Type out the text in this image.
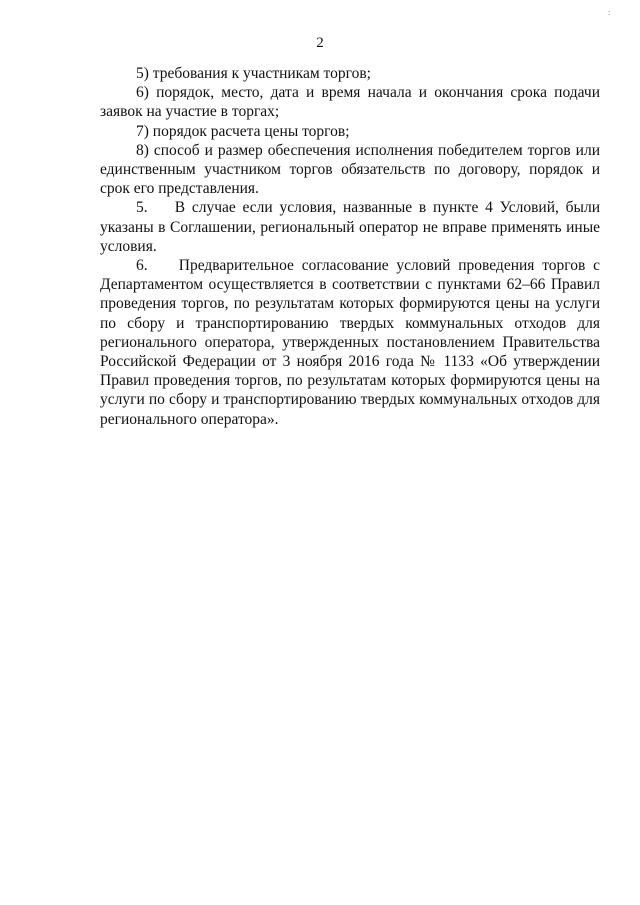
:
2

5) требования к участникам торгов;

6) порядок, место, дата и время начала и окончания срока подачи заявок на участие в торгах;

7) порядок расчета цены торгов;

8) способ и размер обеспечения исполнения победителем торгов или единственным участником торгов обязательств по договору, порядок и срок его представления.

5.    В случае если условия, названные в пункте 4 Условий, были указаны в Соглашении, региональный оператор не вправе применять иные условия.

6.    Предварительное согласование условий проведения торгов с Департаментом осуществляется в соответствии с пунктами 62–66 Правил проведения торгов, по результатам которых формируются цены на услуги по сбору и транспортированию твердых коммунальных отходов для регионального оператора, утвержденных постановлением Правительства Российской Федерации от 3 ноября 2016 года № 1133 «Об утверждении Правил проведения торгов, по результатам которых формируются цены на услуги по сбору и транспортированию твердых коммунальных отходов для регионального оператора».
